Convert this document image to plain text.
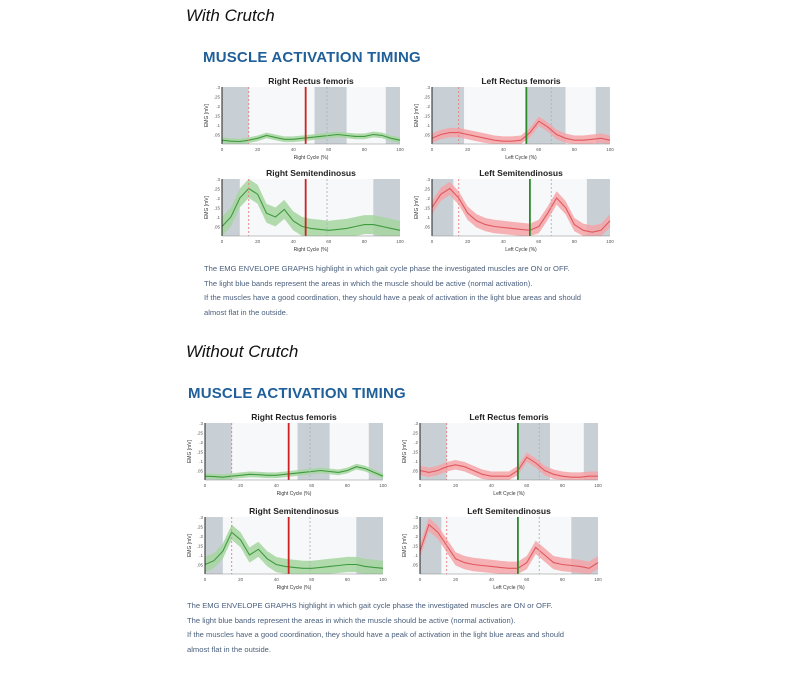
With Crutch
MUSCLE ACTIVATION TIMING
Right Rectus femoris
.05
.1
.15
.2
.25
.3
0	20	40	60	80	100
Right Cycle (%)
EMG [mV]
Left Rectus femoris
.05
.1
.15
.2
.25
.3
0	20	40	60	80	100
Left Cycle (%)
EMG [mV]
Right Semitendinosus
.05
.1
.15
.2
.25
.3
0	20	40	60	80	100
Right Cycle (%)
EMG [mV]
Left Semitendinosus
.05
.1
.15
.2
.25
.3
0	20	40	60	80	100
Left Cycle (%)
EMG [mV]

The EMG ENVELOPE GRAPHS highlight in which gait cycle phase the investigated muscles are ON or OFF.

The light blue bands represent the areas in which the muscle should be active (normal activation).

If the muscles have a good coordination, they should have a peak of activation in the light blue areas and should

almost flat in the outside.

Without Crutch
MUSCLE ACTIVATION TIMING
Right Rectus femoris
.05
.1
.15
.2
.25
.3
0	20	40	60	80	100
Right Cycle (%)
EMG [mV]
Left Rectus femoris
.05
.1
.15
.2
.25
.3
0	20	40	60	80	100
Left Cycle (%)
EMG [mV]
Right Semitendinosus
.05
.1
.15
.2
.25
.3
0	20	40	60	80	100
Right Cycle (%)
EMG [mV]
Left Semitendinosus
.05
.1
.15
.2
.25
.3
0	20	40	60	80	100
Left Cycle (%)
EMG [mV]

The EMG ENVELOPE GRAPHS highlight in which gait cycle phase the investigated muscles are ON or OFF.

The light blue bands represent the areas in which the muscle should be active (normal activation).

If the muscles have a good coordination, they should have a peak of activation in the light blue areas and should

almost flat in the outside.
